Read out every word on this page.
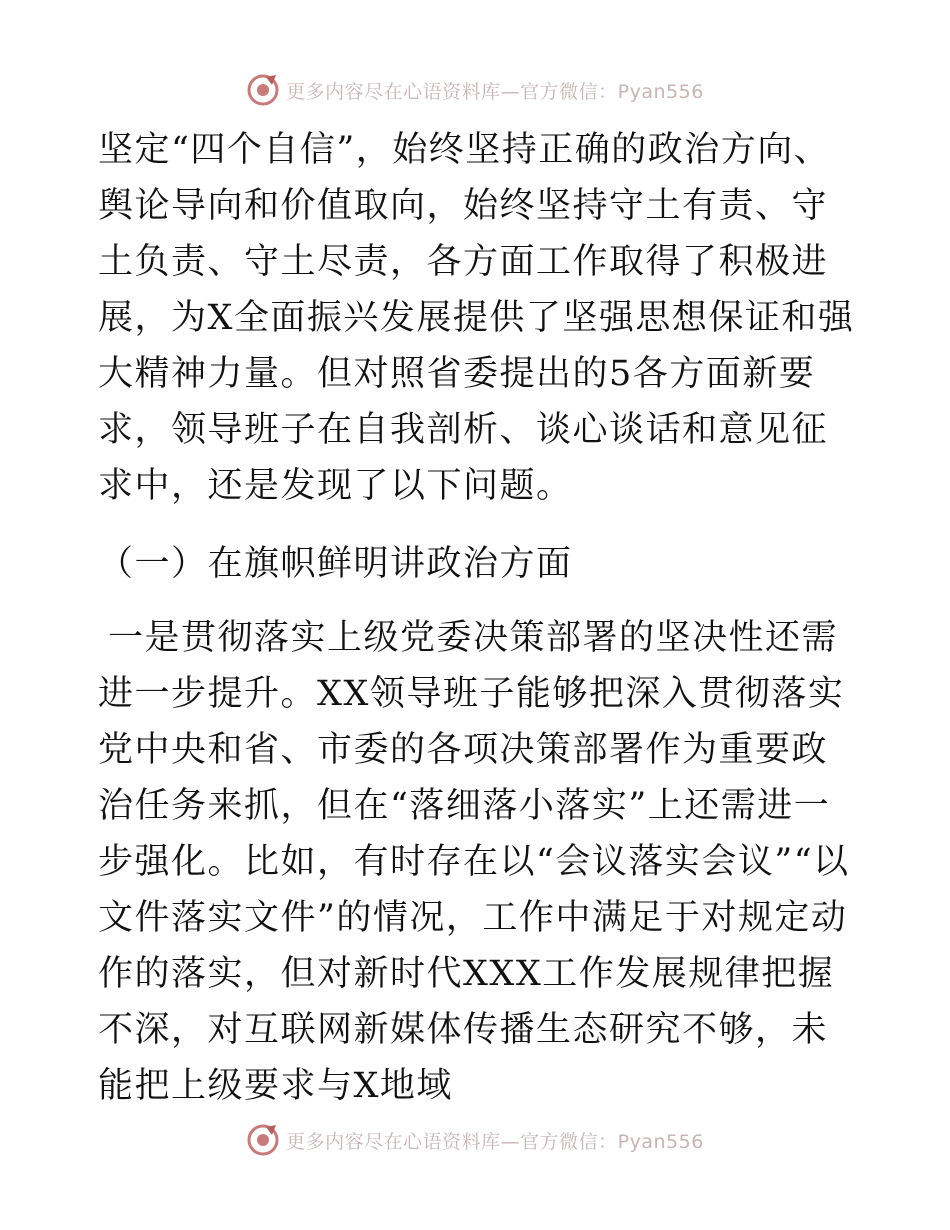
更多内容尽在心语资料库—官方微信：Pyan556

坚定“四个自信”，始终坚持正确的政治方向、舆论导向和价值取向，始终坚持守土有责、守土负责、守土尽责，各方面工作取得了积极进展，为X全面振兴发展提供了坚强思想保证和强大精神力量。但对照省委提出的5各方面新要求，领导班子在自我剖析、谈心谈话和意见征求中，还是发现了以下问题。

（一）在旗帜鲜明讲政治方面

一是贯彻落实上级党委决策部署的坚决性还需进一步提升。XX领导班子能够把深入贯彻落实党中央和省、市委的各项决策部署作为重要政治任务来抓，但在“落细落小落实”上还需进一步强化。比如，有时存在以“会议落实会议”“以文件落实文件”的情况，工作中满足于对规定动作的落实，但对新时代XXX工作发展规律把握不深，对互联网新媒体传播生态研究不够，未能把上级要求与X地域

更多内容尽在心语资料库—官方微信：Pyan556
